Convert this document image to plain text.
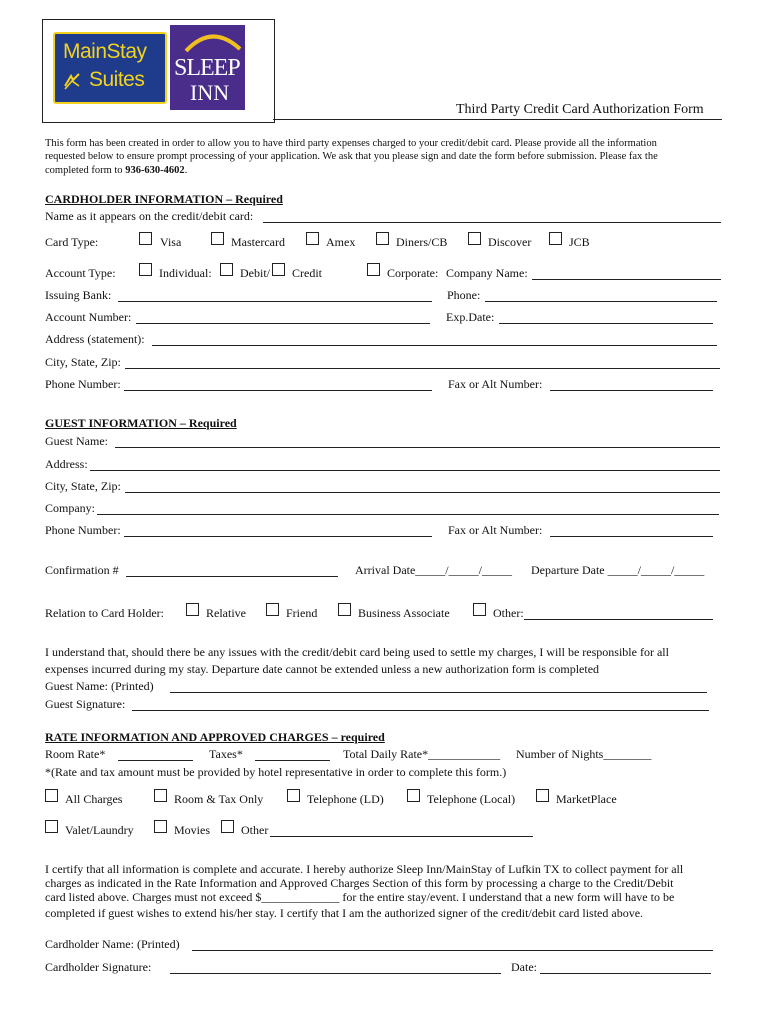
MainStay
Suites SLEEP
INN
Third Party Credit Card Authorization Form
This form has been created in order to allow you to have third party expenses charged to your credit/debit card. Please provide all the information
requested below to ensure prompt processing of your application. We ask that you please sign and date the form before submission. Please fax the
completed form to 936-630-4602.
CARDHOLDER INFORMATION – Required
Name as it appears on the credit/debit card:
Card Type:	Visa	Mastercard	Amex	Diners/CB	Discover	JCB
Account Type:	Individual: Debit/ Credit	Corporate: Company Name:
Issuing Bank:	Phone:
Account Number:	Exp.Date:
Address (statement):
City, State, Zip:
Phone Number:	Fax or Alt Number:
GUEST INFORMATION – Required
Guest Name:
Address:
City, State, Zip:
Company:
Phone Number:	Fax or Alt Number:
Confirmation #	Arrival Date_____/_____/_____ Departure Date _____/_____/_____
Relation to Card Holder:	Relative	Friend	Business Associate	Other:
I understand that, should there be any issues with the credit/debit card being used to settle my charges, I will be responsible for all
expenses incurred during my stay. Departure date cannot be extended unless a new authorization form is completed
Guest Name: (Printed)
Guest Signature:
RATE INFORMATION AND APPROVED CHARGES – required
Room Rate*	Taxes*	Total Daily Rate*____________ Number of Nights________
*(Rate and tax amount must be provided by hotel representative in order to complete this form.)
All Charges	Room & Tax Only	Telephone (LD)	Telephone (Local)	MarketPlace
Valet/Laundry	Movies	Other
I certify that all information is complete and accurate. I hereby authorize Sleep Inn/MainStay of Lufkin TX to collect payment for all
charges as indicated in the Rate Information and Approved Charges Section of this form by processing a charge to the Credit/Debit
card listed above. Charges must not exceed $_____________ for the entire stay/event. I understand that a new form will have to be
completed if guest wishes to extend his/her stay. I certify that I am the authorized signer of the credit/debit card listed above.
Cardholder Name: (Printed)
Cardholder Signature:	Date:
